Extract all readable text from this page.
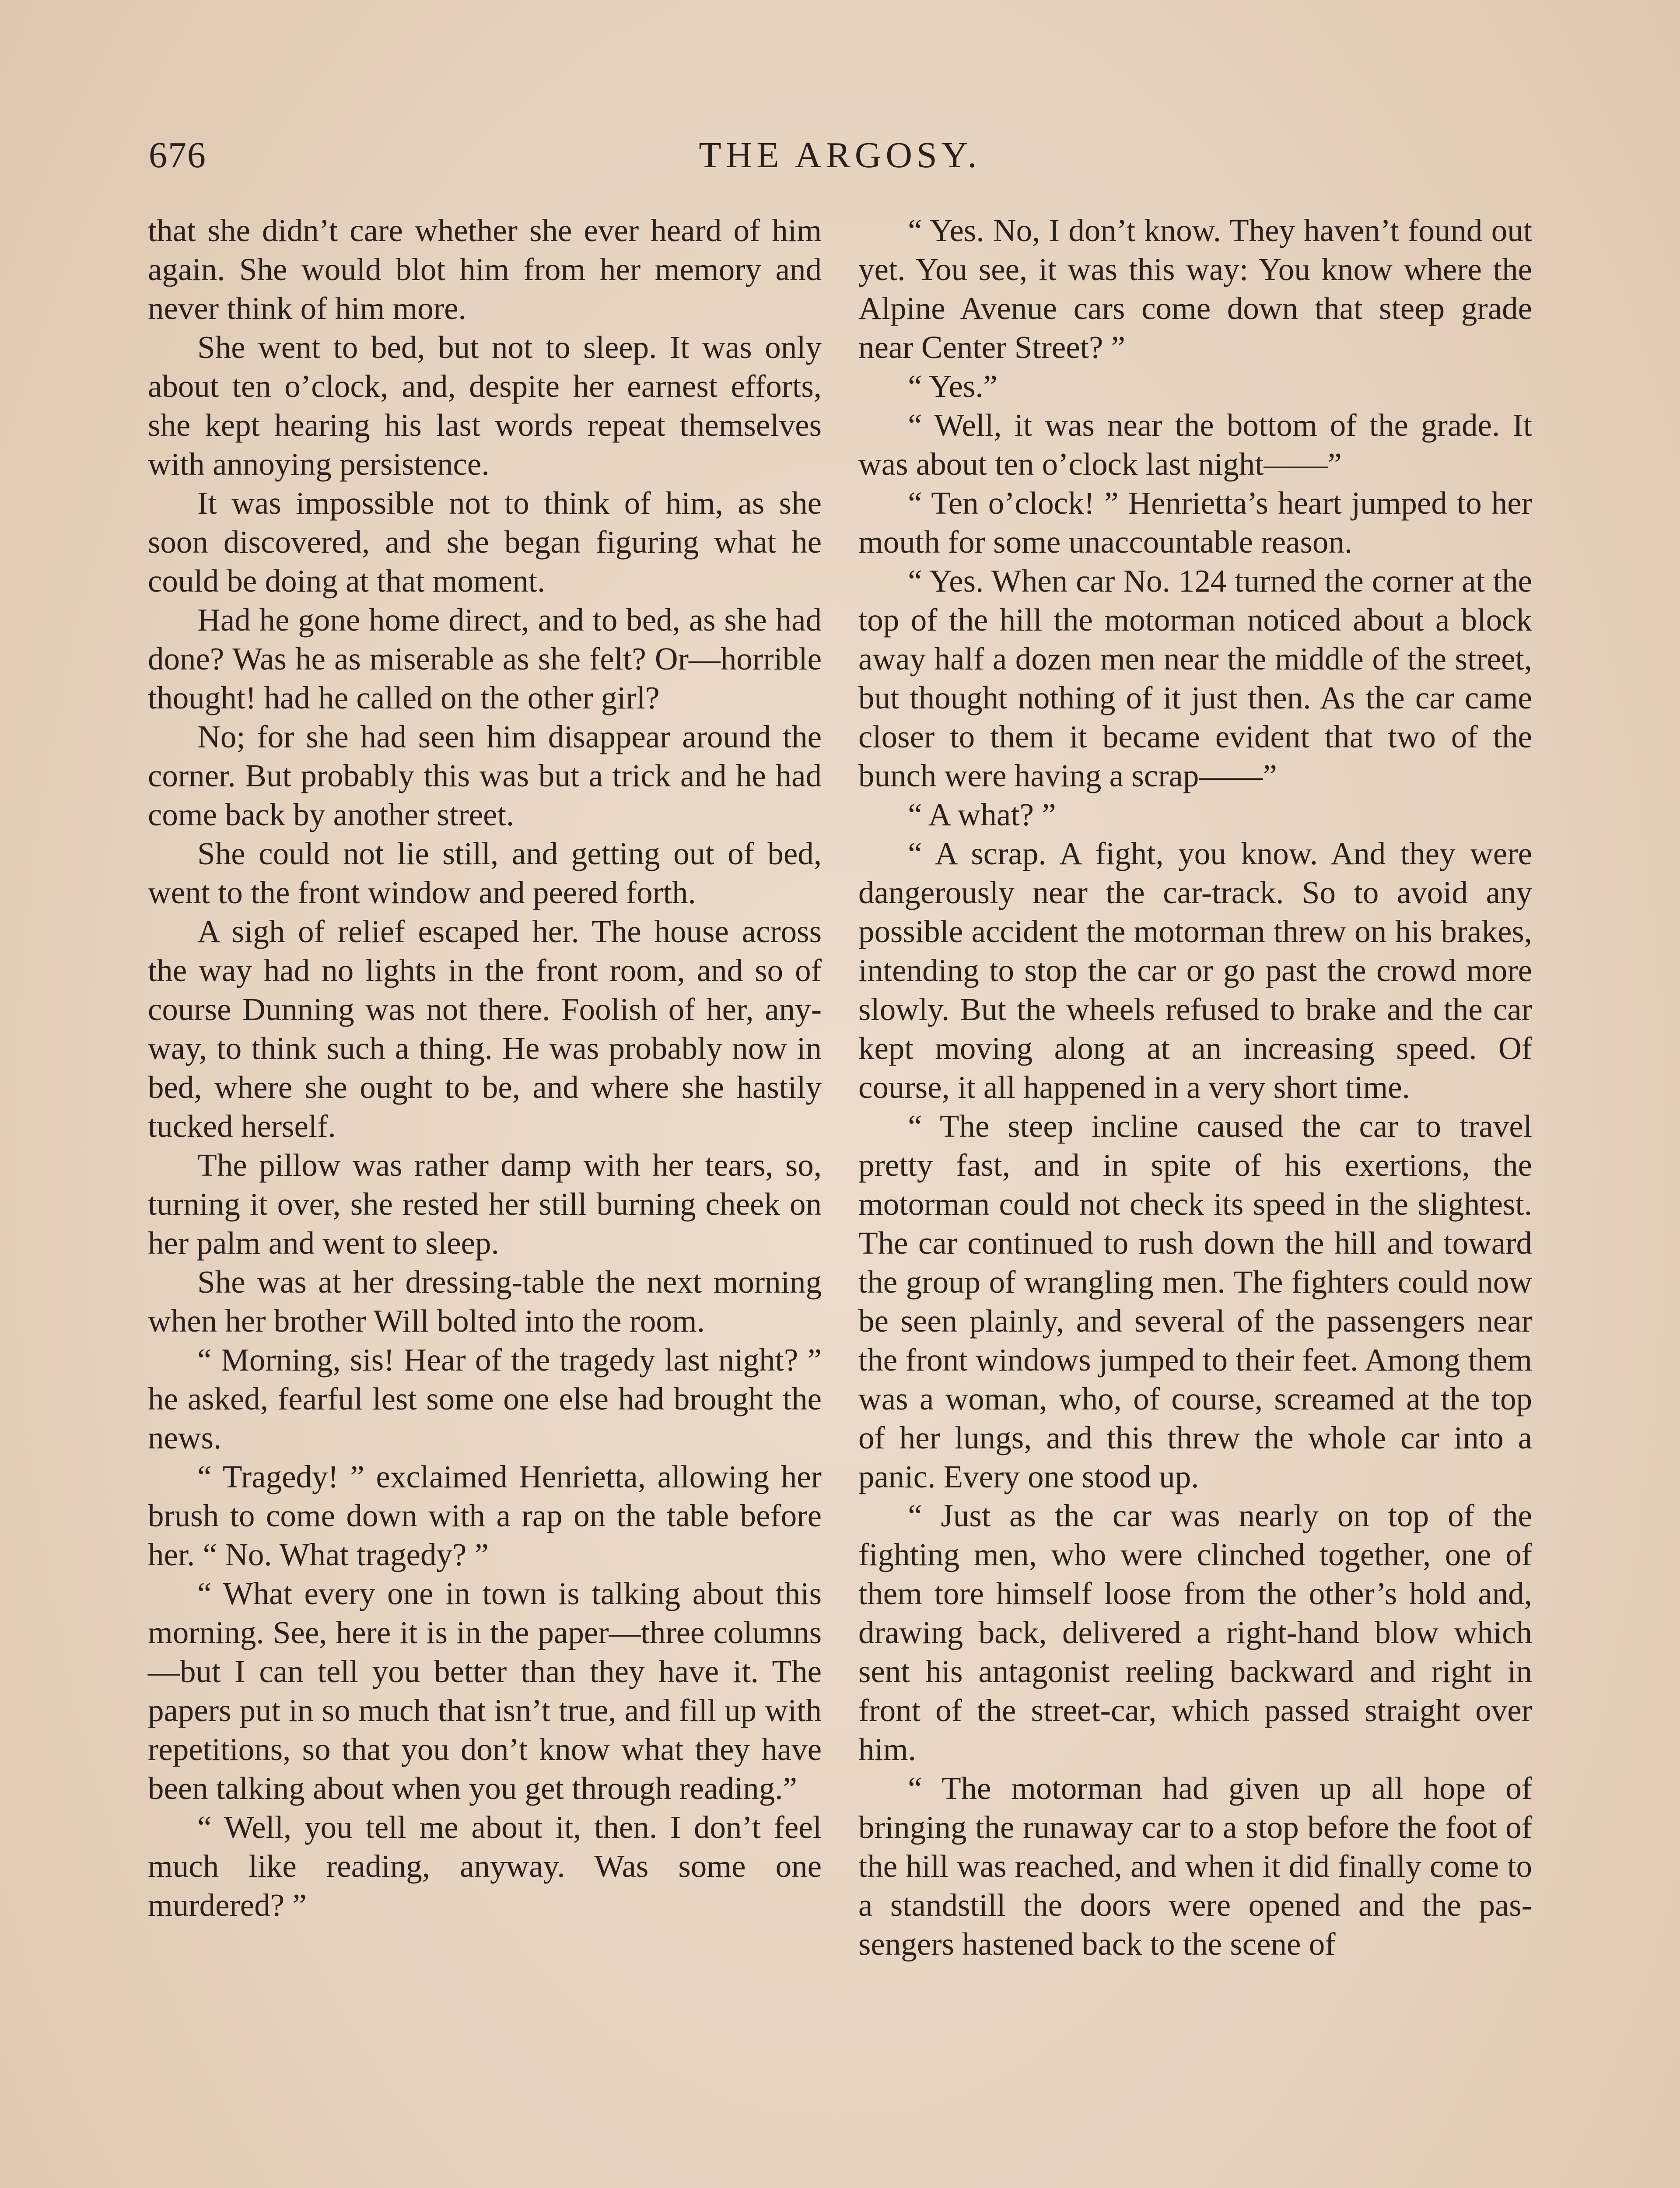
676	THE ARGOSY.

that she didn’t care whether she ever heard of him again. She would blot him from her memory and never think of him more.

She went to bed, but not to sleep. It was only about ten o’clock, and, despite her earnest efforts, she kept hearing his last words repeat themselves with annoying persistence.

It was impossible not to think of him, as she soon discovered, and she began figuring what he could be doing at that moment.

Had he gone home direct, and to bed, as she had done? Was he as miserable as she felt? Or—horrible thought! had he called on the other girl?

No; for she had seen him disappear around the corner. But probably this was but a trick and he had come back by another street.

She could not lie still, and getting out of bed, went to the front window and peered forth.

A sigh of relief escaped her. The house across the way had no lights in the front room, and so of course Dunning was not there. Foolish of her, anyway, to think such a thing. He was probably now in bed, where she ought to be, and where she hastily tucked herself.

The pillow was rather damp with her tears, so, turning it over, she rested her still burning cheek on her palm and went to sleep.

She was at her dressing-table the next morning when her brother Will bolted into the room.

“ Morning, sis! Hear of the tragedy last night? ” he asked, fearful lest some one else had brought the news.

“ Tragedy! ” exclaimed Henrietta, allowing her brush to come down with a rap on the table before her. “ No. What tragedy? ”

“ What every one in town is talking about this morning. See, here it is in the paper—three columns—but I can tell you better than they have it. The papers put in so much that isn’t true, and fill up with repetitions, so that you don’t know what they have been talking about when you get through reading.”

“ Well, you tell me about it, then. I don’t feel much like reading, anyway. Was some one murdered? ”

“ Yes. No, I don’t know. They haven’t found out yet. You see, it was this way: You know where the Alpine Avenue cars come down that steep grade near Center Street? ”

“ Yes.”

“ Well, it was near the bottom of the grade. It was about ten o’clock last night——”

“ Ten o’clock! ” Henrietta’s heart jumped to her mouth for some unaccountable reason.

“ Yes. When car No. 124 turned the corner at the top of the hill the motorman noticed about a block away half a dozen men near the middle of the street, but thought nothing of it just then. As the car came closer to them it became evident that two of the bunch were having a scrap——”

“ A what? ”

“ A scrap. A fight, you know. And they were dangerously near the car-track. So to avoid any possible accident the motorman threw on his brakes, intending to stop the car or go past the crowd more slowly. But the wheels refused to brake and the car kept moving along at an increasing speed. Of course, it all happened in a very short time.

“ The steep incline caused the car to travel pretty fast, and in spite of his exertions, the motorman could not check its speed in the slightest. The car continued to rush down the hill and toward the group of wrangling men. The fighters could now be seen plainly, and several of the passengers near the front windows jumped to their feet. Among them was a woman, who, of course, screamed at the top of her lungs, and this threw the whole car into a panic. Every one stood up.

“ Just as the car was nearly on top of the fighting men, who were clinched together, one of them tore himself loose from the other’s hold and, drawing back, delivered a right-hand blow which sent his antagonist reeling backward and right in front of the street-car, which passed straight over him.

“ The motorman had given up all hope of bringing the runaway car to a stop before the foot of the hill was reached, and when it did finally come to a standstill the doors were opened and the passengers hastened back to the scene of
